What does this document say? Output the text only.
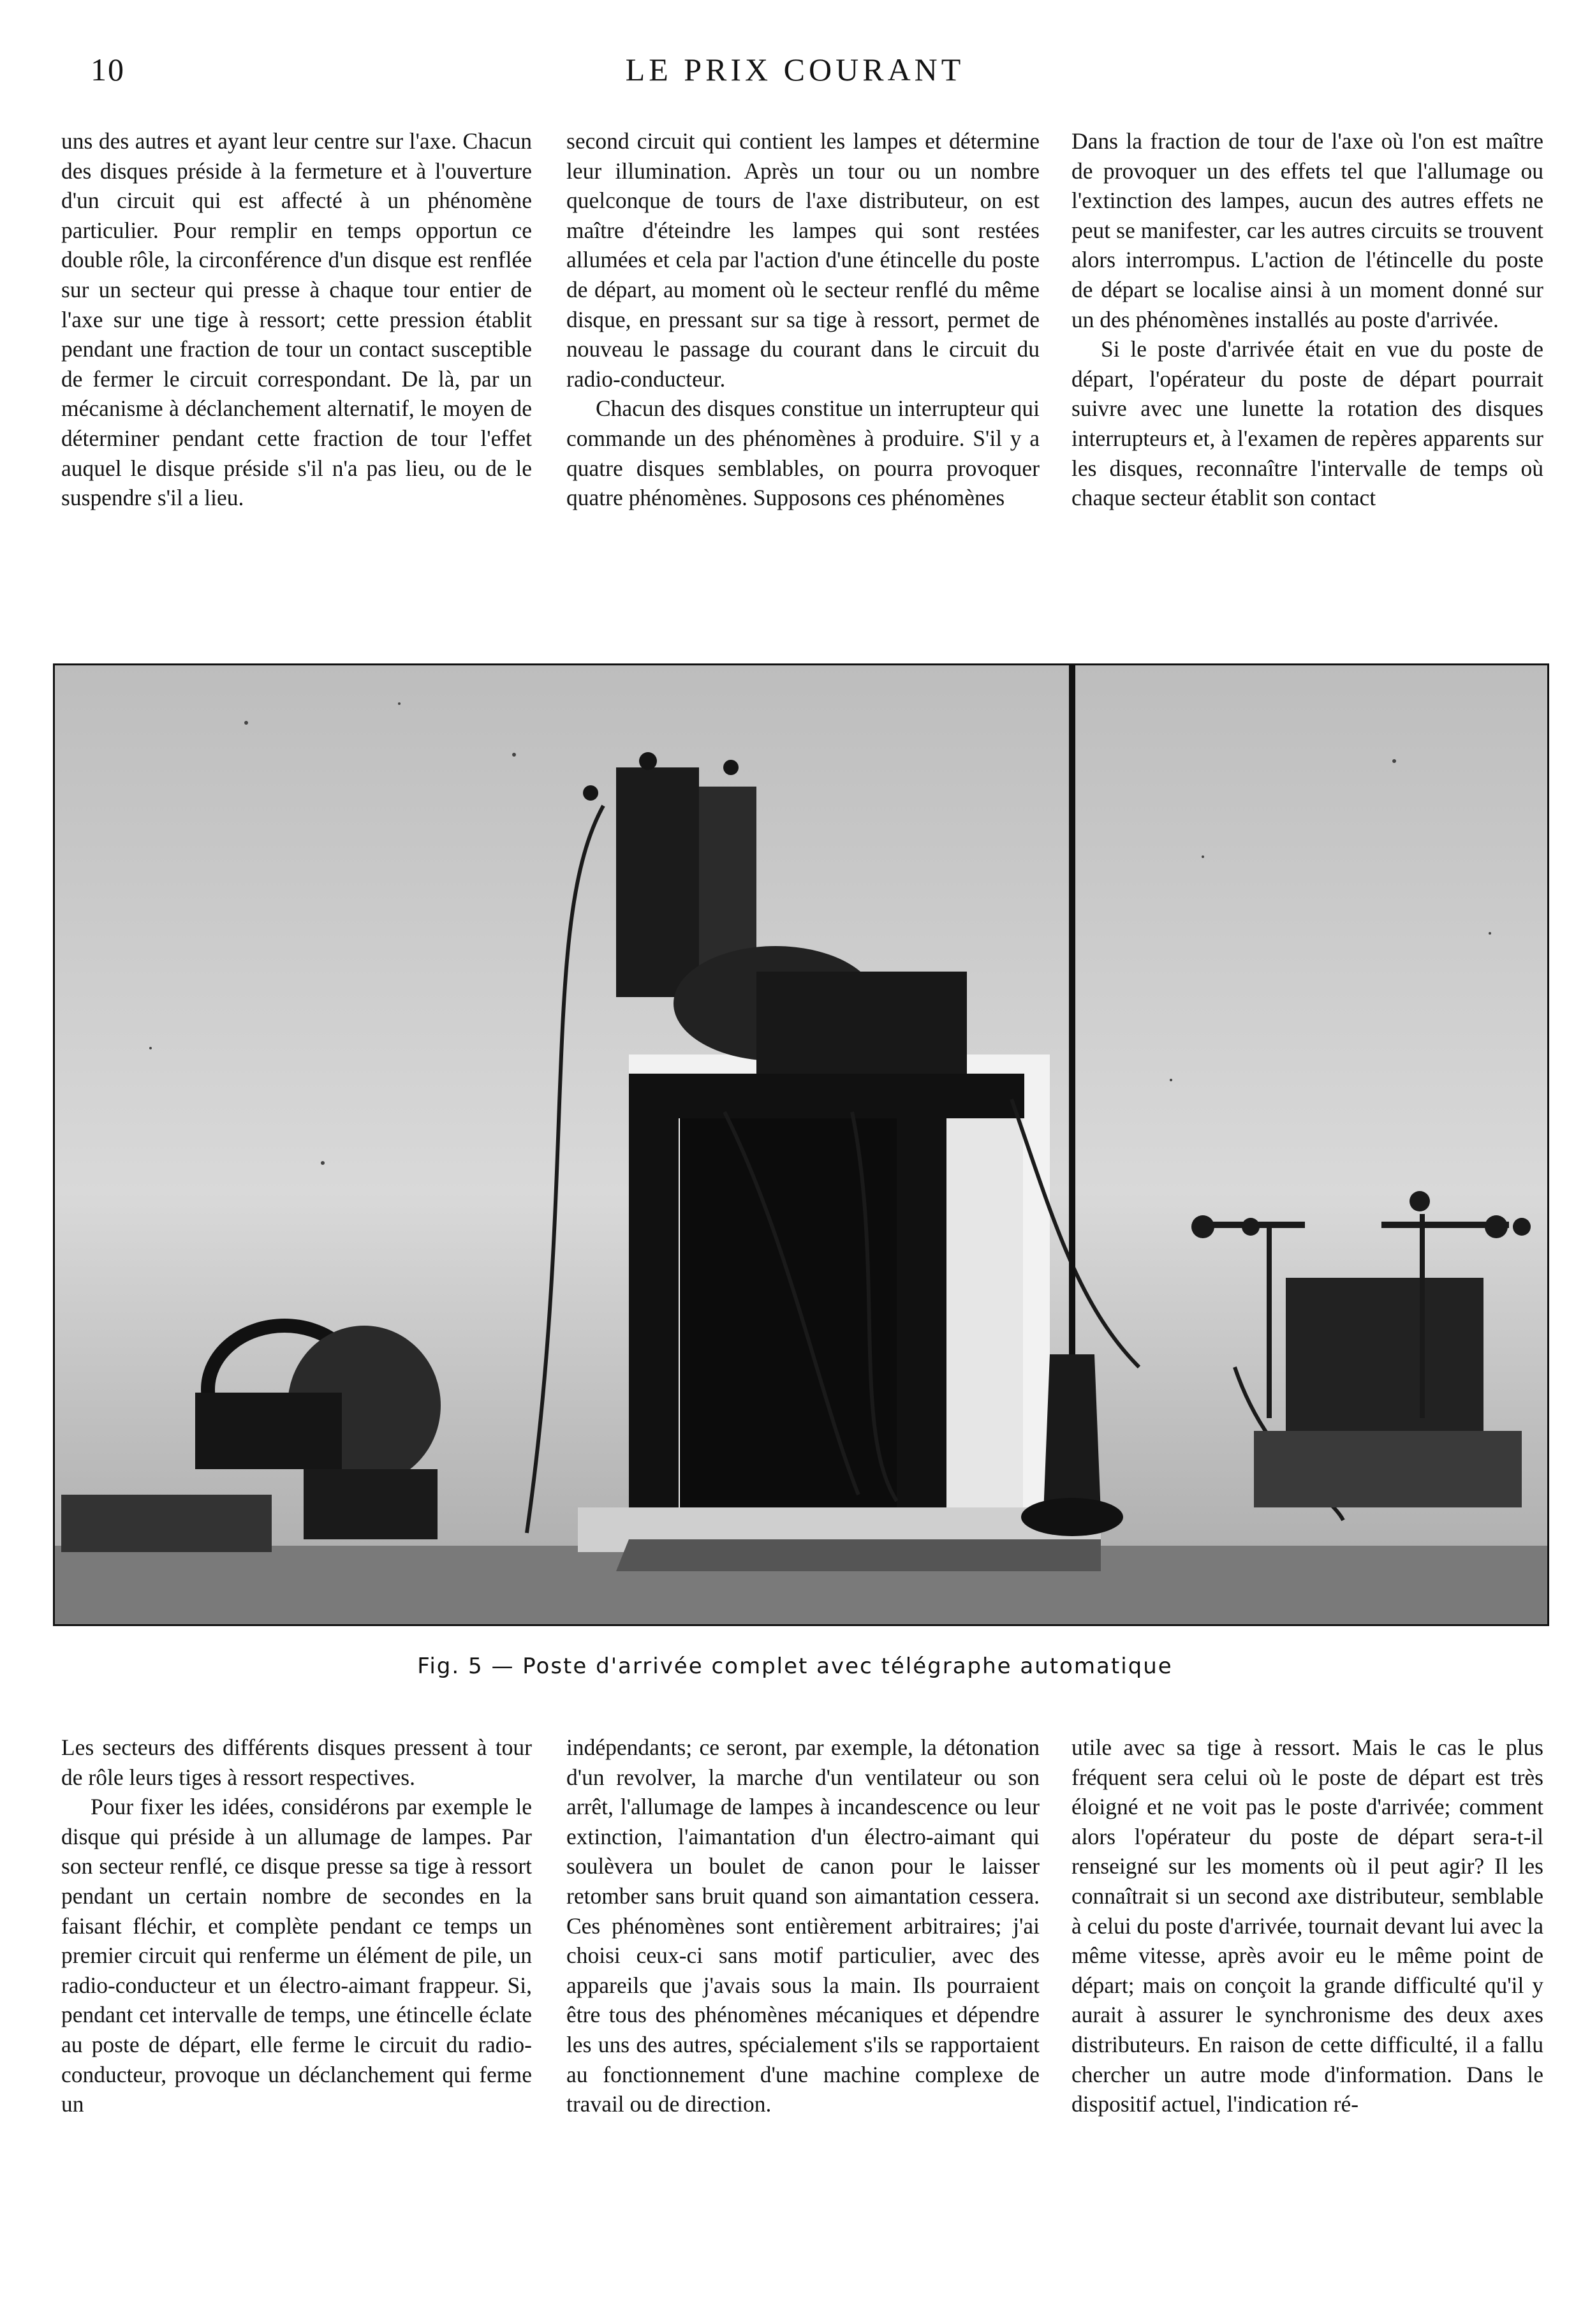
10	LE PRIX COURANT

uns des autres et ayant leur centre sur l'axe. Chacun des disques préside à la fermeture et à l'ouverture d'un circuit qui est affecté à un phénomène particulier. Pour remplir en temps opportun ce double rôle, la circonférence d'un disque est renflée sur un secteur qui presse à chaque tour entier de l'axe sur une tige à ressort; cette pression établit pendant une fraction de tour un contact susceptible de fermer le circuit correspondant. De là, par un mécanisme à déclanchement alternatif, le moyen de déterminer pendant cette fraction de tour l'effet auquel le disque préside s'il n'a pas lieu, ou de le suspendre s'il a lieu.

second circuit qui contient les lampes et détermine leur illumination. Après un tour ou un nombre quelconque de tours de l'axe distributeur, on est maître d'éteindre les lampes qui sont restées allumées et cela par l'action d'une étincelle du poste de départ, au moment où le secteur renflé du même disque, en pressant sur sa tige à ressort, permet de nouveau le passage du courant dans le circuit du radio-conducteur.

Chacun des disques constitue un interrupteur qui commande un des phénomènes à produire. S'il y a quatre disques semblables, on pourra provoquer quatre phénomènes. Supposons ces phénomènes

Dans la fraction de tour de l'axe où l'on est maître de provoquer un des effets tel que l'allumage ou l'extinction des lampes, aucun des autres effets ne peut se manifester, car les autres circuits se trouvent alors interrompus. L'action de l'étincelle du poste de départ se localise ainsi à un moment donné sur un des phénomènes installés au poste d'arrivée.

Si le poste d'arrivée était en vue du poste de départ, l'opérateur du poste de départ pourrait suivre avec une lunette la rotation des disques interruptеurs et, à l'examen de repères apparents sur les disques, reconnaître l'intervalle de temps où chaque secteur établit son contact

Fig. 5 — Poste d'arrivée complet avec télégraphe automatique

Les secteurs des différents disques pressent à tour de rôle leurs tiges à ressort respectives.

Pour fixer les idées, considérons par exemple le disque qui préside à un allumage de lampes. Par son secteur renflé, ce disque presse sa tige à ressort pendant un certain nombre de secondes en la faisant fléchir, et complète pendant ce temps un premier circuit qui renferme un élément de pile, un radio-conducteur et un électro-aimant frappeur. Si, pendant cet intervalle de temps, une étincelle éclate au poste de départ, elle ferme le circuit du radio-conducteur, provoque un déclanchement qui ferme un

indépendants; ce seront, par exemple, la détonation d'un revolver, la marche d'un ventilateur ou son arrêt, l'allumage de lampes à incandescence ou leur extinction, l'aimantation d'un électro-aimant qui soulèvera un boulet de canon pour le laisser retomber sans bruit quand son aimantation cessera. Ces phénomènes sont entièrement arbitraires; j'ai choisi ceux-ci sans motif particulier, avec des appareils que j'avais sous la main. Ils pourraient être tous des phénomènes mécaniques et dépendre les uns des autres, spécialement s'ils se rapportaient au fonctionnement d'une machine complexe de travail ou de direction.

utile avec sa tige à ressort. Mais le cas le plus fréquent sera celui où le poste de départ est très éloigné et ne voit pas le poste d'arrivée; comment alors l'opérateur du poste de départ sera-t-il renseigné sur les moments où il peut agir? Il les connaîtrait si un second axe distributeur, semblable à celui du poste d'arrivée, tournait devant lui avec la même vitesse, après avoir eu le même point de départ; mais on conçoit la grande difficulté qu'il y aurait à assurer le synchronisme des deux axes distributeurs. En raison de cette difficulté, il a fallu chercher un autre mode d'information. Dans le dispositif actuel, l'indication ré-
